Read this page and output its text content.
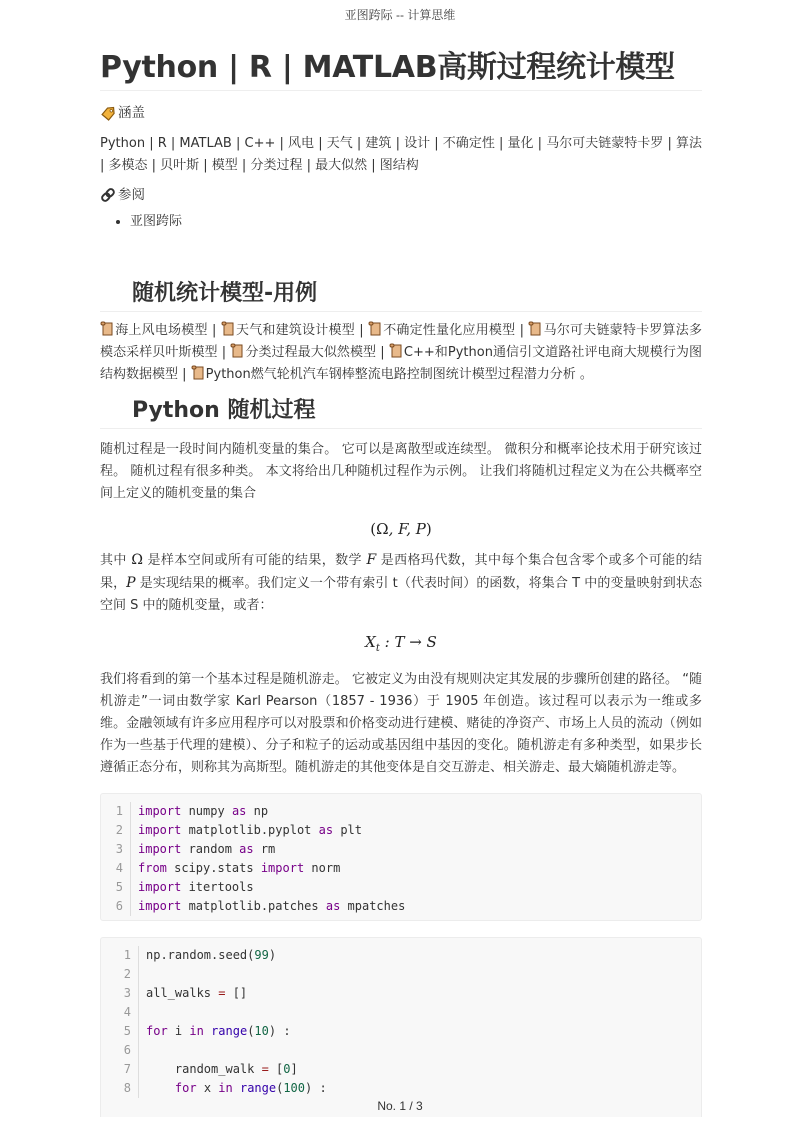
亚图跨际 -- 计算思维
Python | R | MATLAB高斯过程统计模型
涵盖

Python | R | MATLAB | C++ | 风电 | 天气 | 建筑 | 设计 | 不确定性 | 量化 | 马尔可夫链蒙特卡罗 | 算法 | 多模态 | 贝叶斯 | 模型 | 分类过程 | 最大似然 | 图结构

参阅
• 亚图跨际
随机统计模型-用例

海上风电场模型 | 天气和建筑设计模型 | 不确定性量化应用模型 | 马尔可夫链蒙特卡罗算法多模态采样贝叶斯模型 | 分类过程最大似然模型 | C++和Python通信引文道路社评电商大规模行为图结构数据模型 | Python燃气轮机汽车钢棒整流电路控制图统计模型过程潜力分析 。

Python 随机过程

随机过程是一段时间内随机变量的集合。 它可以是离散型或连续型。 微积分和概率论技术用于研究该过程。 随机过程有很多种类。 本文将给出几种随机过程作为示例。 让我们将随机过程定义为在公共概率空间上定义的随机变量的集合

(Ω, F, P)

其中 Ω 是样本空间或所有可能的结果，数学 F 是西格玛代数，其中每个集合包含零个或多个可能的结果，P 是实现结果的概率。我们定义一个带有索引 t（代表时间）的函数，将集合 T 中的变量映射到状态空间 S 中的随机变量，或者：

$X_t$ : T → S

我们将看到的第一个基本过程是随机游走。 它被定义为由没有规则决定其发展的步骤所创建的路径。 “随机游走”一词由数学家 Karl Pearson（1857 - 1936）于 1905 年创造。该过程可以表示为一维或多维。金融领域有许多应用程序可以对股票和价格变动进行建模、赌徒的净资产、市场上人员的流动（例如 作为一些基于代理的建模）、分子和粒子的运动或基因组中基因的变化。随机游走有多种类型，如果步长遵循正态分布，则称其为高斯型。随机游走的其他变体是自交互游走、相关游走、最大熵随机游走等。

1	import numpy as np
2	import matplotlib.pyplot as plt
3	import random as rm
4	from scipy.stats import norm
5	import itertools
6	import matplotlib.patches as mpatches
1	np.random.seed(99)
2

3	all_walks = []
4

5	for i in range(10) :
6

7	random_walk = [0]
8	for x in range(100) :
No. 1 / 3
